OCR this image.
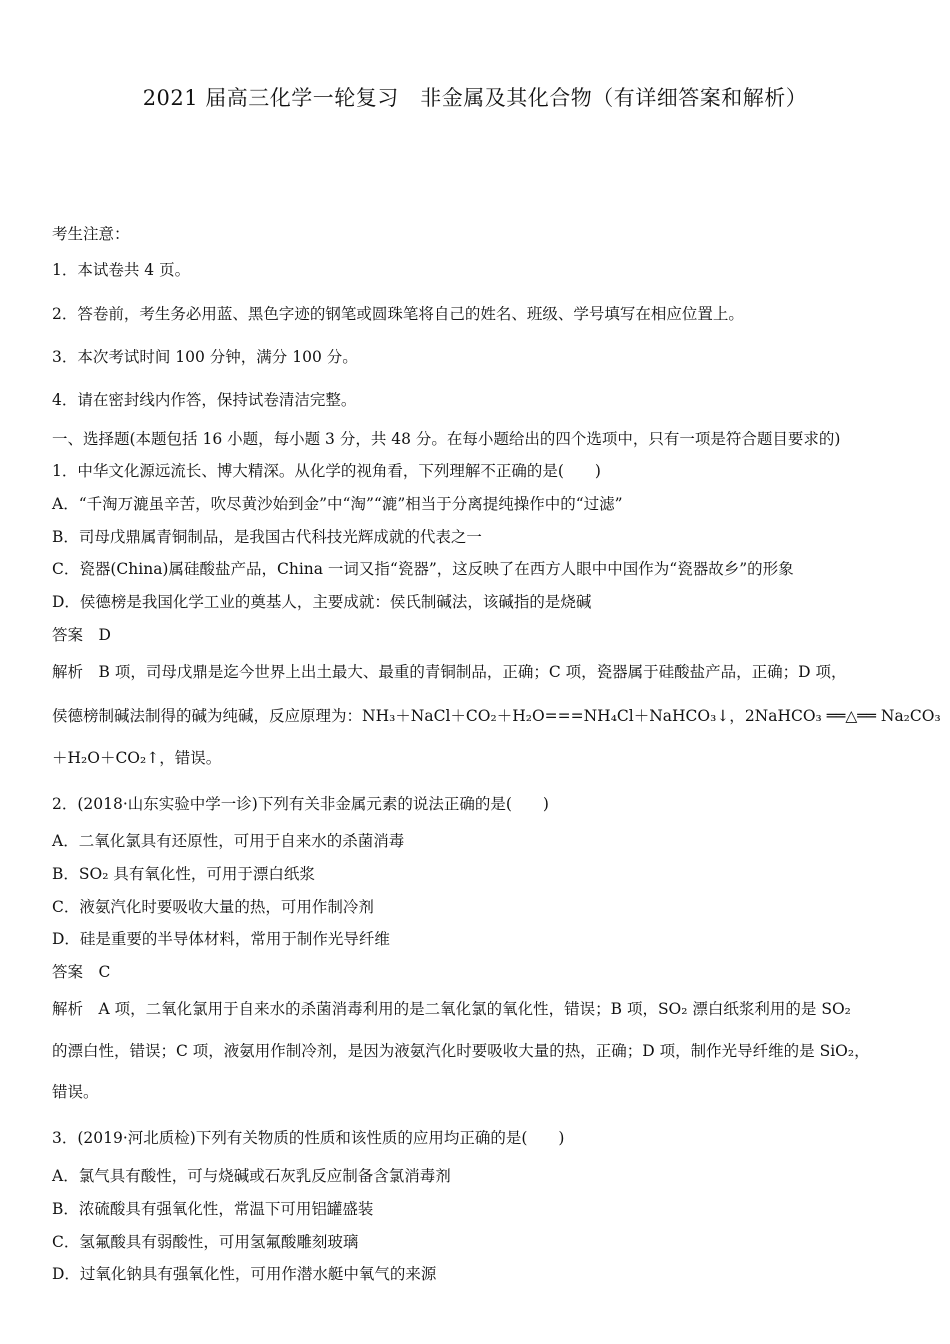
2021 届高三化学一轮复习　非金属及其化合物（有详细答案和解析）
考生注意：
1．本试卷共 4 页。
2．答卷前，考生务必用蓝、黑色字迹的钢笔或圆珠笔将自己的姓名、班级、学号填写在相应位置上。
3．本次考试时间 100 分钟，满分 100 分。
4．请在密封线内作答，保持试卷清洁完整。
一、选择题(本题包括 16 小题，每小题 3 分，共 48 分。在每小题给出的四个选项中，只有一项是符合题目要求的)
1．中华文化源远流长、博大精深。从化学的视角看，下列理解不正确的是(　　)
A．“千淘万漉虽辛苦，吹尽黄沙始到金”中“淘”“漉”相当于分离提纯操作中的“过滤”
B．司母戊鼎属青铜制品，是我国古代科技光辉成就的代表之一
C．瓷器(China)属硅酸盐产品，China 一词又指“瓷器”，这反映了在西方人眼中中国作为“瓷器故乡”的形象
D．侯德榜是我国化学工业的奠基人，主要成就：侯氏制碱法，该碱指的是烧碱
答案　D
解析　B 项，司母戊鼎是迄今世界上出土最大、最重的青铜制品，正确；C 项，瓷器属于硅酸盐产品，正确；D 项，
侯德榜制碱法制得的碱为纯碱，反应原理为：NH₃＋NaCl＋CO₂＋H₂O===NH₄Cl＋NaHCO₃↓，2NaHCO₃ ══△══ Na₂CO₃
＋H₂O＋CO₂↑，错误。
2．(2018·山东实验中学一诊)下列有关非金属元素的说法正确的是(　　)
A．二氧化氯具有还原性，可用于自来水的杀菌消毒
B．SO₂ 具有氧化性，可用于漂白纸浆
C．液氨汽化时要吸收大量的热，可用作制冷剂
D．硅是重要的半导体材料，常用于制作光导纤维
答案　C
解析　A 项，二氧化氯用于自来水的杀菌消毒利用的是二氧化氯的氧化性，错误；B 项，SO₂ 漂白纸浆利用的是 SO₂
的漂白性，错误；C 项，液氨用作制冷剂，是因为液氨汽化时要吸收大量的热，正确；D 项，制作光导纤维的是 SiO₂，
错误。
3．(2019·河北质检)下列有关物质的性质和该性质的应用均正确的是(　　)
A．氯气具有酸性，可与烧碱或石灰乳反应制备含氯消毒剂
B．浓硫酸具有强氧化性，常温下可用铝罐盛装
C．氢氟酸具有弱酸性，可用氢氟酸雕刻玻璃
D．过氧化钠具有强氧化性，可用作潜水艇中氧气的来源
